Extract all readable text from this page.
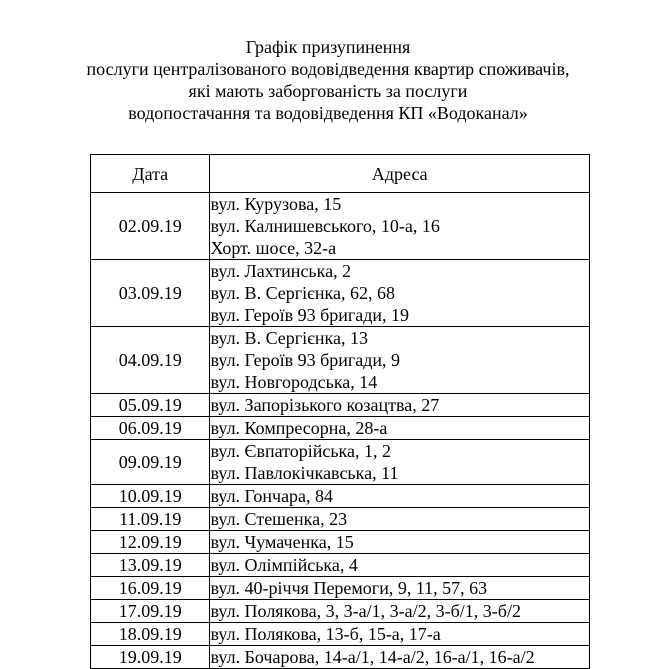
Графік призупинення
послуги централізованого водовідведення квартир споживачів,
які мають заборгованість за послуги
водопостачання та водовідведення КП «Водоканал»
Дата	Адреса
02.09.19	вул. Курузова, 15
вул. Калнишевського, 10-а, 16
Хорт. шосе, 32-а

03.09.19	вул. Лахтинська, 2
вул. В. Сергієнка, 62, 68
вул. Героїв 93 бригади, 19

04.09.19	вул. В. Сергієнка, 13
вул. Героїв 93 бригади, 9
вул. Новгородська, 14

05.09.19	вул. Запорізького козацтва, 27

06.09.19	вул. Компресорна, 28-а

09.09.19	вул. Євпаторійська, 1, 2
вул. Павлокічкавська, 11

10.09.19	вул. Гончара, 84

11.09.19	вул. Стешенка, 23

12.09.19	вул. Чумаченка, 15

13.09.19	вул. Олімпійська, 4

16.09.19	вул. 40-річчя Перемоги, 9, 11, 57, 63

17.09.19	вул. Полякова, 3, 3-а/1, 3-а/2, 3-б/1, 3-б/2

18.09.19	вул. Полякова, 13-б, 15-а, 17-а

19.09.19	вул. Бочарова, 14-а/1, 14-а/2, 16-а/1, 16-а/2
